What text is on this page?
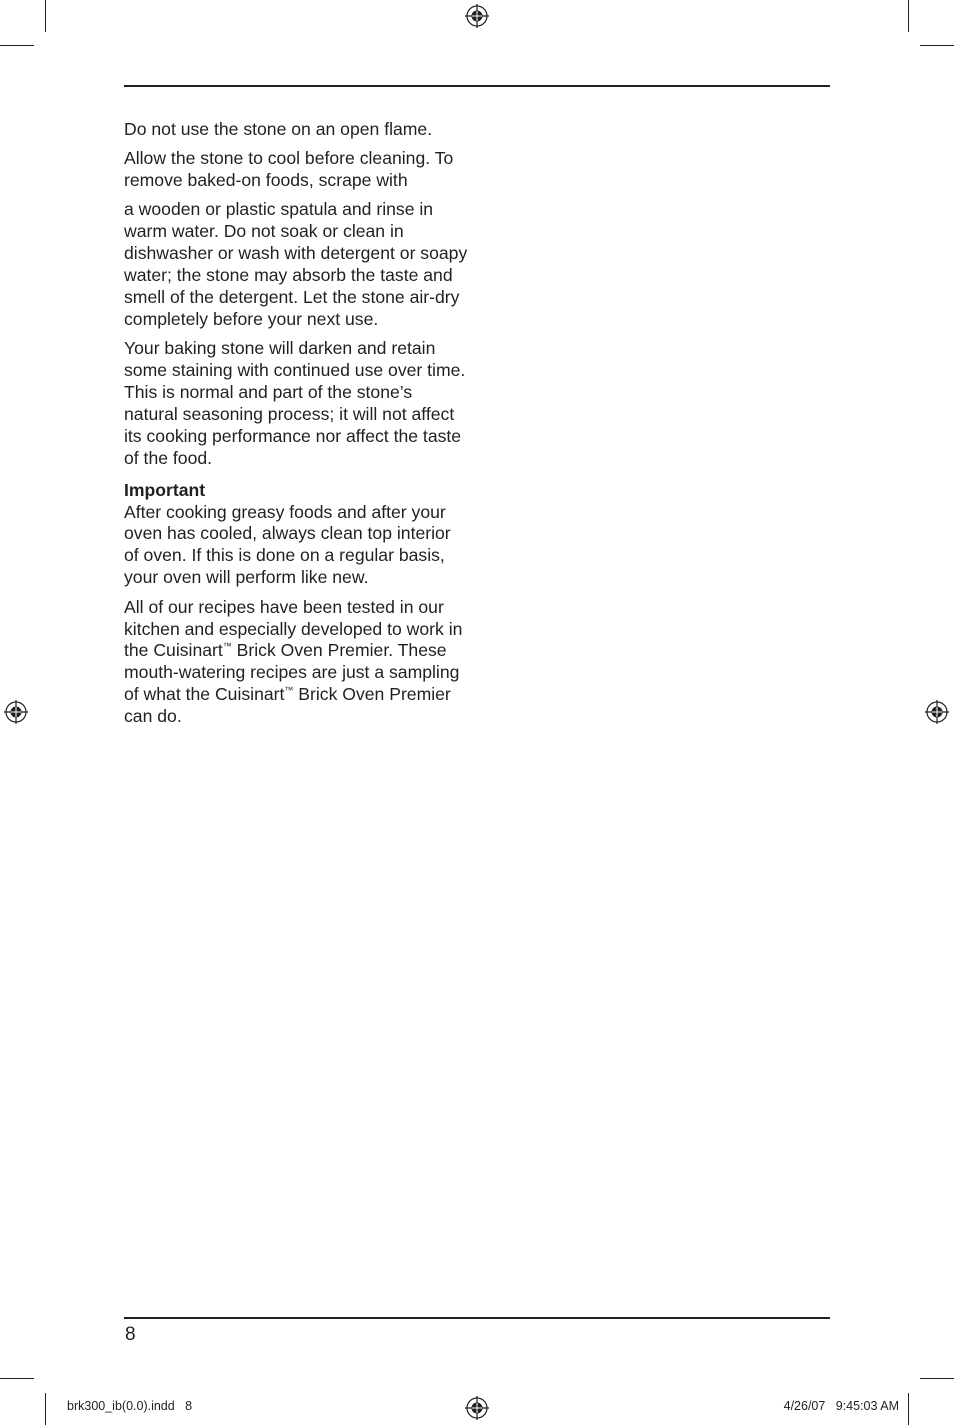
Do not use the stone on an open flame.

Allow the stone to cool before cleaning. To remove baked-on foods, scrape with

a wooden or plastic spatula and rinse in warm water. Do not soak or clean in dishwasher or wash with detergent or soapy water; the stone may absorb the taste and smell of the detergent. Let the stone air-dry completely before your next use.

Your baking stone will darken and retain some staining with continued use over time. This is normal and part of the stone’s natural seasoning process; it will not affect its cooking performance nor affect the taste of the food.

Important
After cooking greasy foods and after your oven has cooled, always clean top interior of oven. If this is done on a regular basis, your oven will perform like new.

All of our recipes have been tested in our kitchen and especially developed to work in the Cuisinart™ Brick Oven Premier. These mouth-watering recipes are just a sampling of what the Cuisinart™ Brick Oven Premier can do.

8
brk300_ib(0.0).indd   8	4/26/07   9:45:03 AM
